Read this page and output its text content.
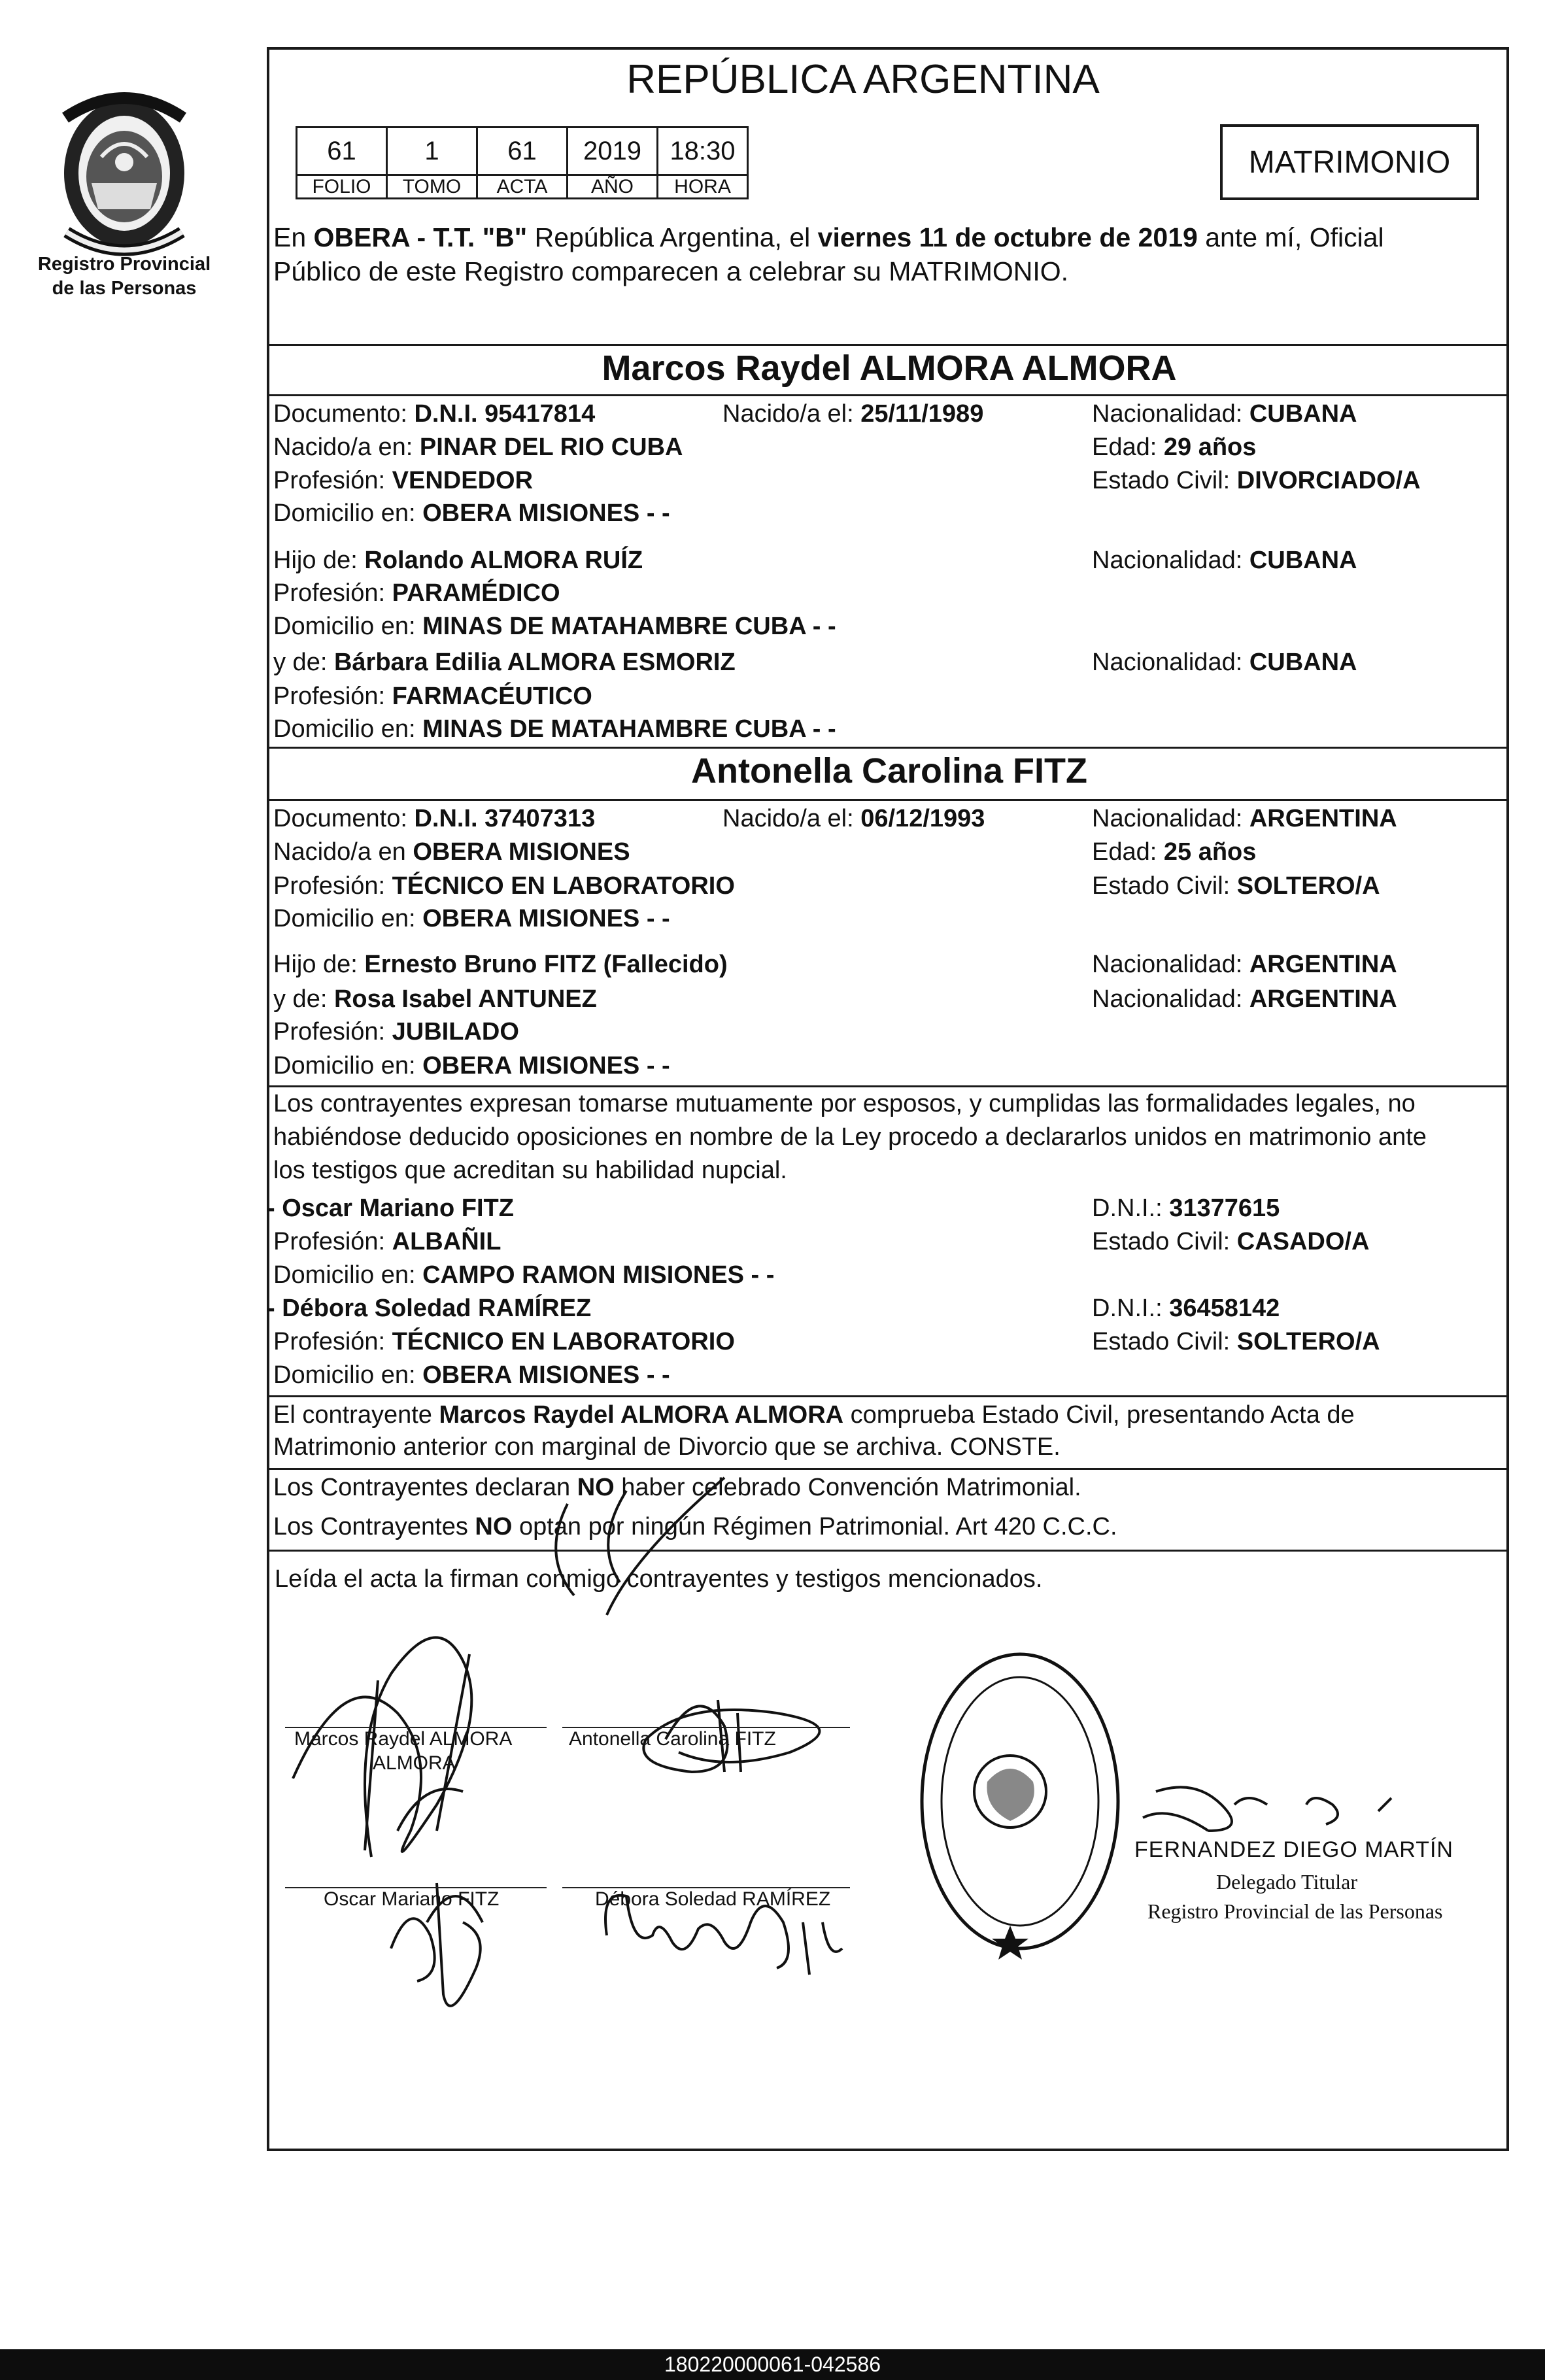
Registro Provincial
de las Personas
REPÚBLICA ARGENTINA
61	1	61	2019	18:30
FOLIO	TOMO	ACTA	AÑO	HORA
MATRIMONIO
En OBERA - T.T. "B" República Argentina, el viernes 11 de octubre de 2019 ante mí, Oficial
Público de este Registro comparecen a celebrar su MATRIMONIO.
Marcos Raydel ALMORA ALMORA
Documento: D.N.I. 95417814	Nacido/a el: 25/11/1989	Nacionalidad: CUBANA
Nacido/a en: PINAR DEL RIO CUBA	Edad: 29 años
Profesión: VENDEDOR	Estado Civil: DIVORCIADO/A
Domicilio en: OBERA MISIONES - -
Hijo de: Rolando ALMORA RUÍZ	Nacionalidad: CUBANA
Profesión: PARAMÉDICO
Domicilio en: MINAS DE MATAHAMBRE CUBA - -
y de: Bárbara Edilia ALMORA ESMORIZ	Nacionalidad: CUBANA
Profesión: FARMACÉUTICO
Domicilio en: MINAS DE MATAHAMBRE CUBA - -
Antonella Carolina FITZ
Documento: D.N.I. 37407313	Nacido/a el: 06/12/1993	Nacionalidad: ARGENTINA
Nacido/a en OBERA MISIONES	Edad: 25 años
Profesión: TÉCNICO EN LABORATORIO	Estado Civil: SOLTERO/A
Domicilio en: OBERA MISIONES - -
Hijo de: Ernesto Bruno FITZ (Fallecido)	Nacionalidad: ARGENTINA
y de: Rosa Isabel ANTUNEZ	Nacionalidad: ARGENTINA
Profesión: JUBILADO
Domicilio en: OBERA MISIONES - -
Los contrayentes expresan tomarse mutuamente por esposos, y cumplidas las formalidades legales, no
habiéndose deducido oposiciones en nombre de la Ley procedo a declararlos unidos en matrimonio ante
los testigos que acreditan su habilidad nupcial.
- Oscar Mariano FITZ	D.N.I.: 31377615
Profesión: ALBAÑIL	Estado Civil: CASADO/A
Domicilio en: CAMPO RAMON MISIONES - -
- Débora Soledad RAMÍREZ	D.N.I.: 36458142
Profesión: TÉCNICO EN LABORATORIO	Estado Civil: SOLTERO/A
Domicilio en: OBERA MISIONES - -
El contrayente Marcos Raydel ALMORA ALMORA comprueba Estado Civil, presentando Acta de
Matrimonio anterior con marginal de Divorcio que se archiva. CONSTE.
Los Contrayentes declaran NO haber celebrado Convención Matrimonial.
Los Contrayentes NO optan por ningún Régimen Patrimonial. Art 420 C.C.C.
Leída el acta la firman conmigo contrayentes y testigos mencionados.
Marcos Raydel ALMORA
ALMORA
Antonella Carolina FITZ
Oscar Mariano FITZ	Débora Soledad RAMÍREZ
FERNANDEZ DIEGO MARTÍN
Delegado Titular
Registro Provincial de las Personas
180220000061-042586
